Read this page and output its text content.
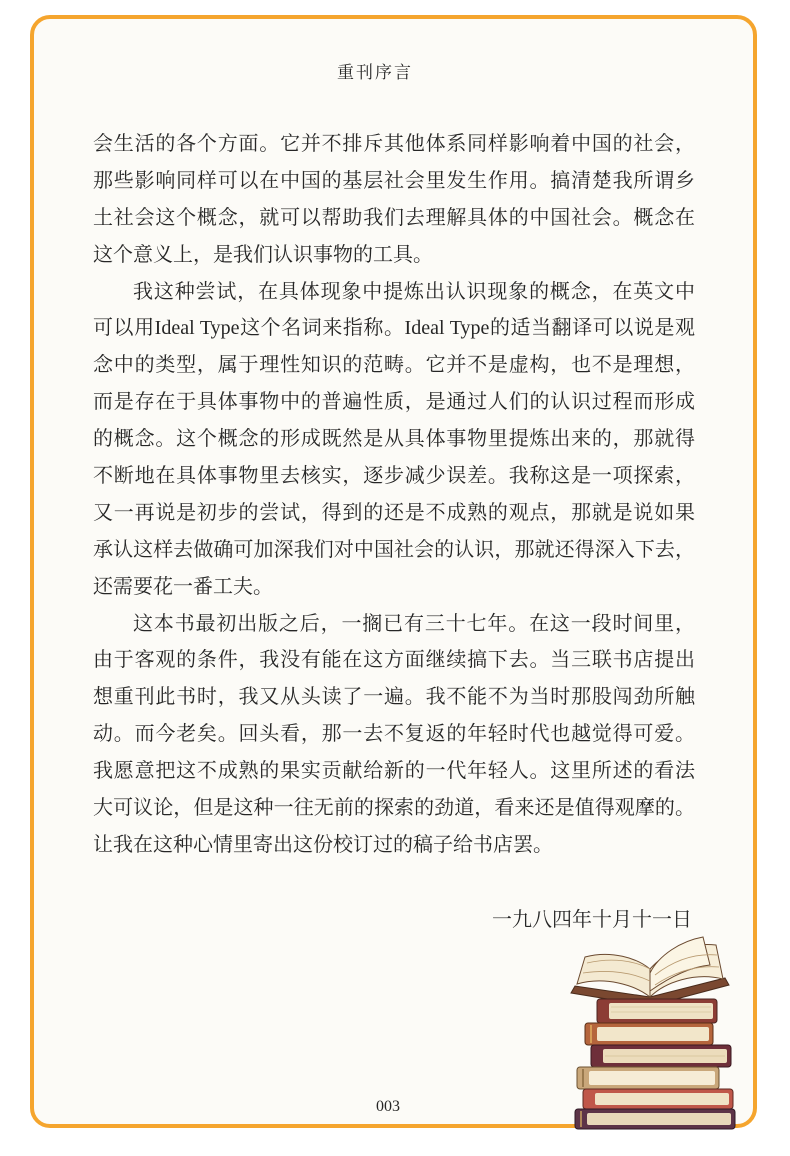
重刊序言
会生活的各个方面。它并不排斥其他体系同样影响着中国的社会，
那些影响同样可以在中国的基层社会里发生作用。搞清楚我所谓乡
土社会这个概念，就可以帮助我们去理解具体的中国社会。概念在
这个意义上，是我们认识事物的工具。
我这种尝试，在具体现象中提炼出认识现象的概念，在英文中
可以用Ideal Type这个名词来指称。Ideal Type的适当翻译可以说是观
念中的类型，属于理性知识的范畴。它并不是虚构，也不是理想，
而是存在于具体事物中的普遍性质，是通过人们的认识过程而形成
的概念。这个概念的形成既然是从具体事物里提炼出来的，那就得
不断地在具体事物里去核实，逐步减少误差。我称这是一项探索，
又一再说是初步的尝试，得到的还是不成熟的观点，那就是说如果
承认这样去做确可加深我们对中国社会的认识，那就还得深入下去，
还需要花一番工夫。
这本书最初出版之后，一搁已有三十七年。在这一段时间里，
由于客观的条件，我没有能在这方面继续搞下去。当三联书店提出
想重刊此书时，我又从头读了一遍。我不能不为当时那股闯劲所触
动。而今老矣。回头看，那一去不复返的年轻时代也越觉得可爱。
我愿意把这不成熟的果实贡献给新的一代年轻人。这里所述的看法
大可议论，但是这种一往无前的探索的劲道，看来还是值得观摩的。
让我在这种心情里寄出这份校订过的稿子给书店罢。
一九八四年十月十一日
003
